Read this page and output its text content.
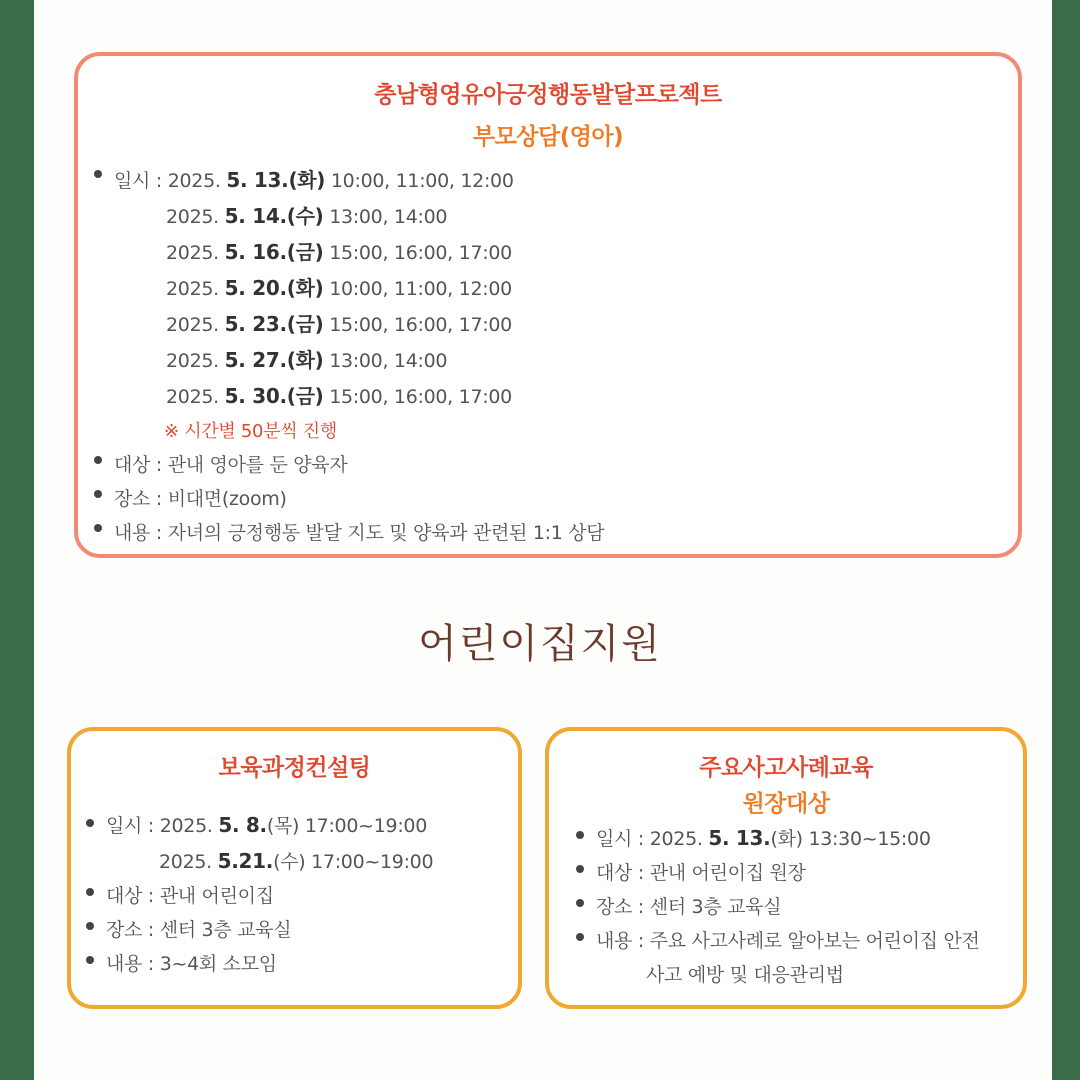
충남형영유아긍정행동발달프로젝트
부모상담(영아)
일시 : 2025. 5. 13.(화) 10:00, 11:00, 12:00
2025. 5. 14.(수) 13:00, 14:00
2025. 5. 16.(금) 15:00, 16:00, 17:00
2025. 5. 20.(화) 10:00, 11:00, 12:00
2025. 5. 23.(금) 15:00, 16:00, 17:00
2025. 5. 27.(화) 13:00, 14:00
2025. 5. 30.(금) 15:00, 16:00, 17:00
※ 시간별 50분씩 진행
대상 : 관내 영아를 둔 양육자
장소 : 비대면(zoom)
내용 : 자녀의 긍정행동 발달 지도 및 양육과 관련된 1:1 상담
어린이집지원
보육과정컨설팅
일시 : 2025. 5. 8.(목) 17:00~19:00
2025. 5.21.(수) 17:00~19:00
대상 : 관내 어린이집
장소 : 센터 3층 교육실
내용 : 3~4회 소모임
주요사고사례교육
원장대상
일시 : 2025. 5. 13.(화) 13:30~15:00
대상 : 관내 어린이집 원장
장소 : 센터 3층 교육실
내용 : 주요 사고사례로 알아보는 어린이집 안전
사고 예방 및 대응관리법
